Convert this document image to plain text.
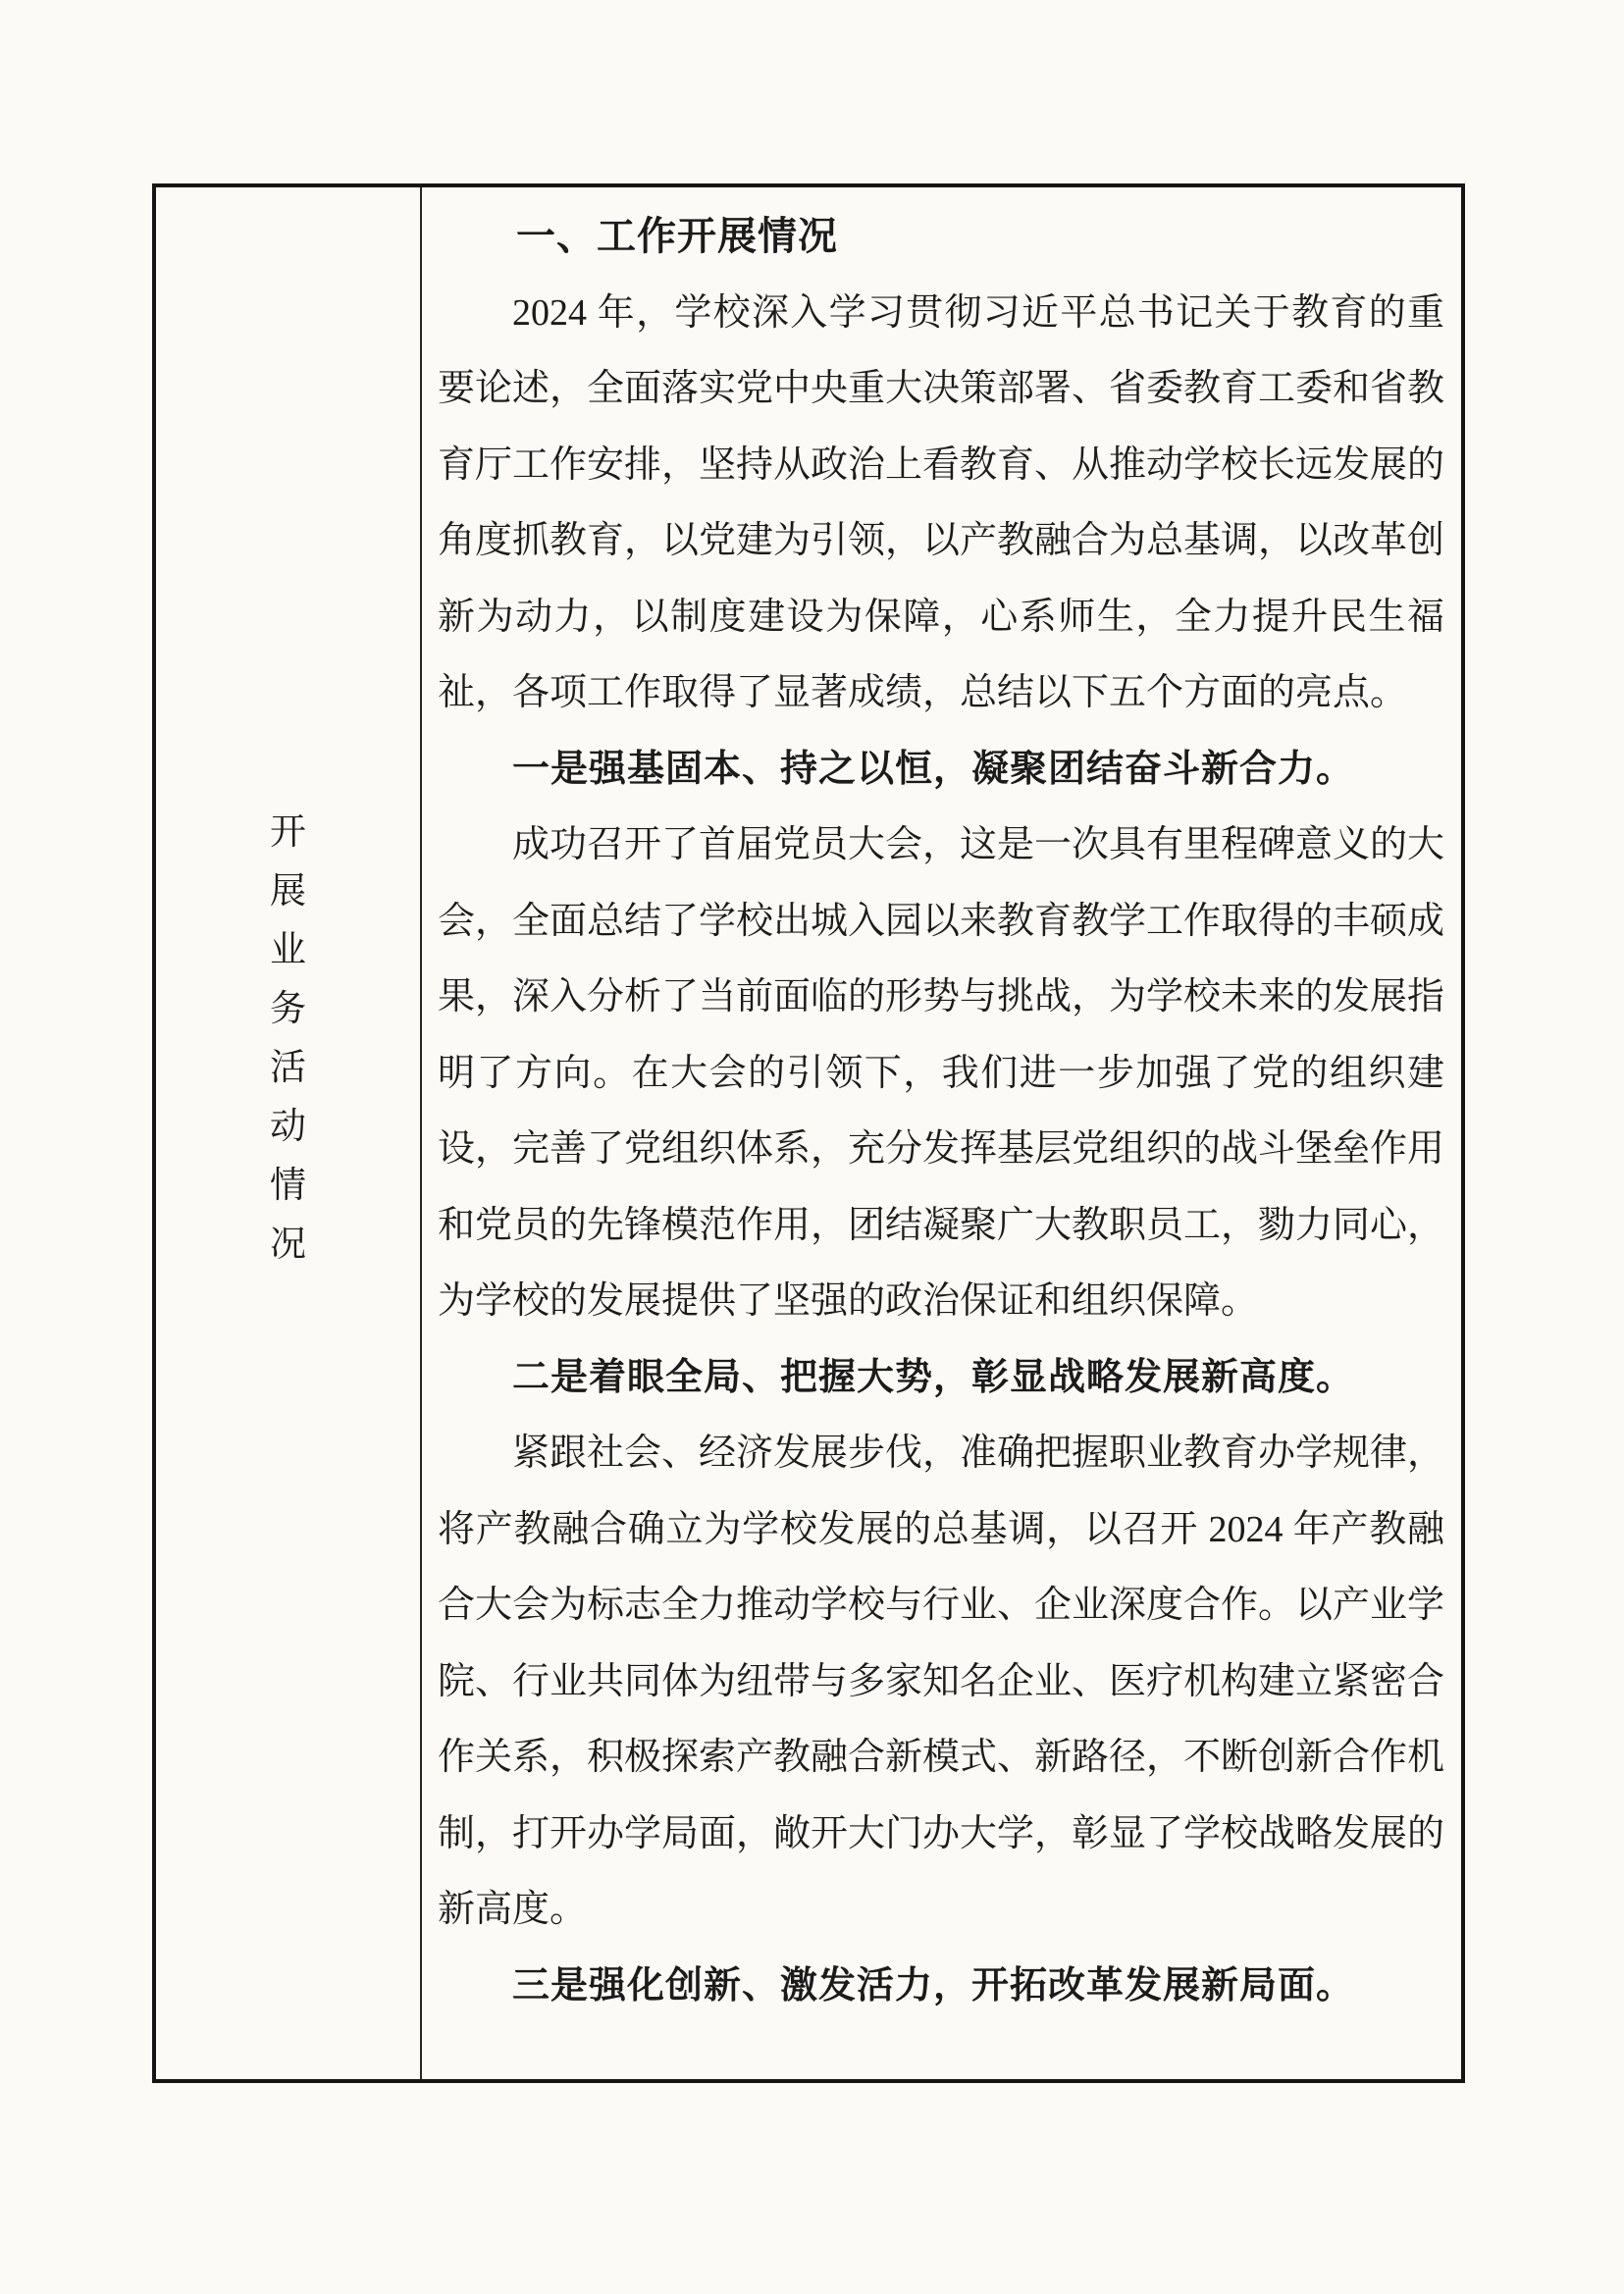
开
展
业
务
活
动
情
况
一、工作开展情况

2024 年，学校深入学习贯彻习近平总书记关于教育的重要论述，全面落实党中央重大决策部署、省委教育工委和省教育厅工作安排，坚持从政治上看教育、从推动学校长远发展的角度抓教育，以党建为引领，以产教融合为总基调，以改革创新为动力，以制度建设为保障，心系师生，全力提升民生福祉，各项工作取得了显著成绩，总结以下五个方面的亮点。

一是强基固本、持之以恒，凝聚团结奋斗新合力。

成功召开了首届党员大会，这是一次具有里程碑意义的大会，全面总结了学校出城入园以来教育教学工作取得的丰硕成果，深入分析了当前面临的形势与挑战，为学校未来的发展指明了方向。在大会的引领下，我们进一步加强了党的组织建设，完善了党组织体系，充分发挥基层党组织的战斗堡垒作用和党员的先锋模范作用，团结凝聚广大教职员工，勠力同心，为学校的发展提供了坚强的政治保证和组织保障。

二是着眼全局、把握大势，彰显战略发展新高度。

紧跟社会、经济发展步伐，准确把握职业教育办学规律，将产教融合确立为学校发展的总基调，以召开 2024 年产教融合大会为标志全力推动学校与行业、企业深度合作。以产业学院、行业共同体为纽带与多家知名企业、医疗机构建立紧密合作关系，积极探索产教融合新模式、新路径，不断创新合作机制，打开办学局面，敞开大门办大学，彰显了学校战略发展的新高度。

三是强化创新、激发活力，开拓改革发展新局面。
